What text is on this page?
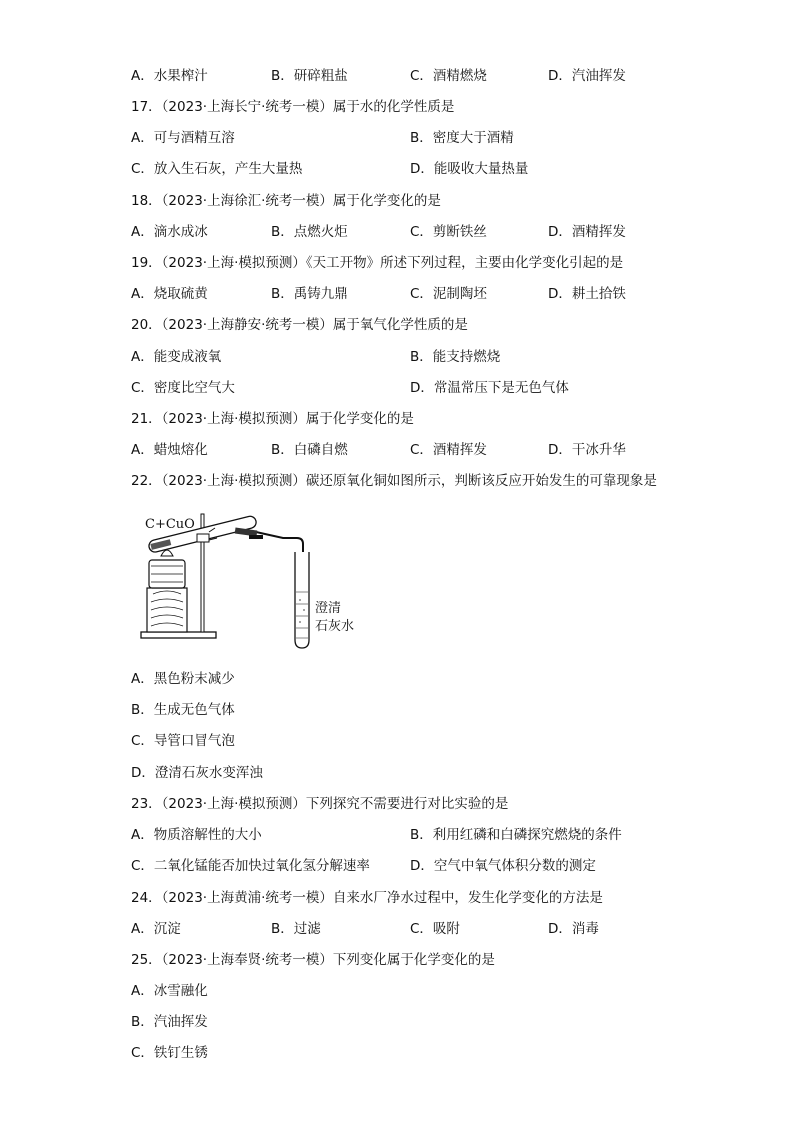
A．水果榨汁	B．研碎粗盐	C．酒精燃烧	D．汽油挥发
17．（2023·上海长宁·统考一模）属于水的化学性质是
A．可与酒精互溶	B．密度大于酒精
C．放入生石灰，产生大量热	D．能吸收大量热量
18．（2023·上海徐汇·统考一模）属于化学变化的是
A．滴水成冰	B．点燃火炬	C．剪断铁丝	D．酒精挥发
19．（2023·上海·模拟预测）《天工开物》所述下列过程，主要由化学变化引起的是
A．烧取硫黄	B．禹铸九鼎	C．泥制陶坯	D．耕土拾铁
20．（2023·上海静安·统考一模）属于氧气化学性质的是
A．能变成液氧	B．能支持燃烧
C．密度比空气大	D．常温常压下是无色气体
21．（2023·上海·模拟预测）属于化学变化的是
A．蜡烛熔化	B．白磷自燃	C．酒精挥发	D．干冰升华
22．（2023·上海·模拟预测）碳还原氧化铜如图所示，判断该反应开始发生的可靠现象是
C+CuO
澄清
石灰水
A．黑色粉末减少
B．生成无色气体
C．导管口冒气泡
D．澄清石灰水变浑浊
23．（2023·上海·模拟预测）下列探究不需要进行对比实验的是
A．物质溶解性的大小	B．利用红磷和白磷探究燃烧的条件
C．二氧化锰能否加快过氧化氢分解速率	D．空气中氧气体积分数的测定
24．（2023·上海黄浦·统考一模）自来水厂净水过程中，发生化学变化的方法是
A．沉淀	B．过滤	C．吸附	D．消毒
25．（2023·上海奉贤·统考一模）下列变化属于化学变化的是
A．冰雪融化
B．汽油挥发
C．铁钉生锈
